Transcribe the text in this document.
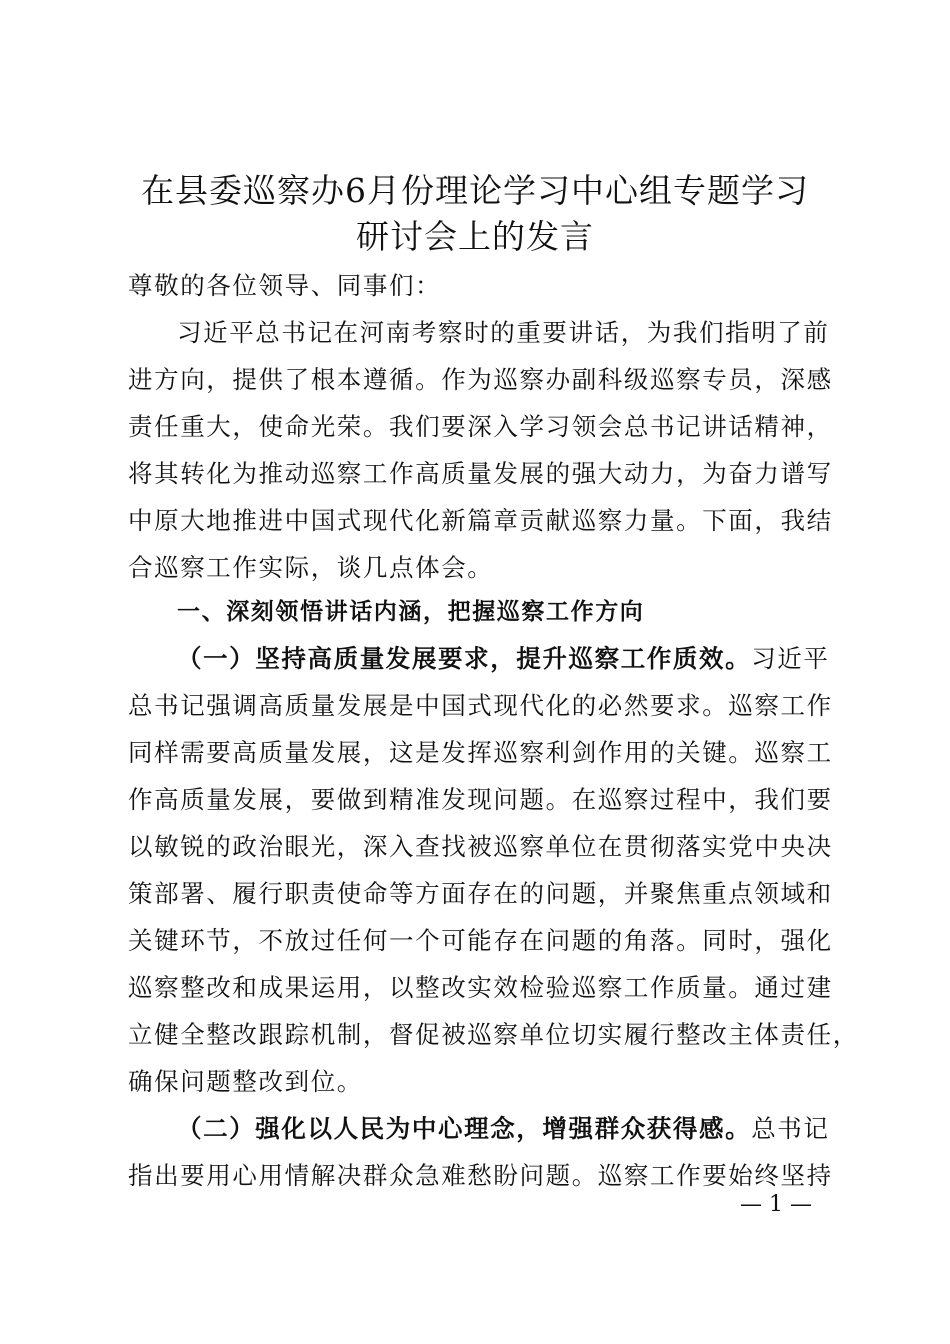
在县委巡察办6月份理论学习中心组专题学习
研讨会上的发言

尊敬的各位领导、同事们：

习近平总书记在河南考察时的重要讲话，为我们指明了前

进方向，提供了根本遵循。作为巡察办副科级巡察专员，深感

责任重大，使命光荣。我们要深入学习领会总书记讲话精神，

将其转化为推动巡察工作高质量发展的强大动力，为奋力谱写

中原大地推进中国式现代化新篇章贡献巡察力量。下面，我结

合巡察工作实际，谈几点体会。

一、深刻领悟讲话内涵，把握巡察工作方向

（一）坚持高质量发展要求，提升巡察工作质效。习近平

总书记强调高质量发展是中国式现代化的必然要求。巡察工作

同样需要高质量发展，这是发挥巡察利剑作用的关键。巡察工

作高质量发展，要做到精准发现问题。在巡察过程中，我们要

以敏锐的政治眼光，深入查找被巡察单位在贯彻落实党中央决

策部署、履行职责使命等方面存在的问题，并聚焦重点领域和

关键环节，不放过任何一个可能存在问题的角落。同时，强化

巡察整改和成果运用，以整改实效检验巡察工作质量。通过建

立健全整改跟踪机制，督促被巡察单位切实履行整改主体责任，

确保问题整改到位。

（二）强化以人民为中心理念，增强群众获得感。总书记

指出要用心用情解决群众急难愁盼问题。巡察工作要始终坚持

— 1 —
